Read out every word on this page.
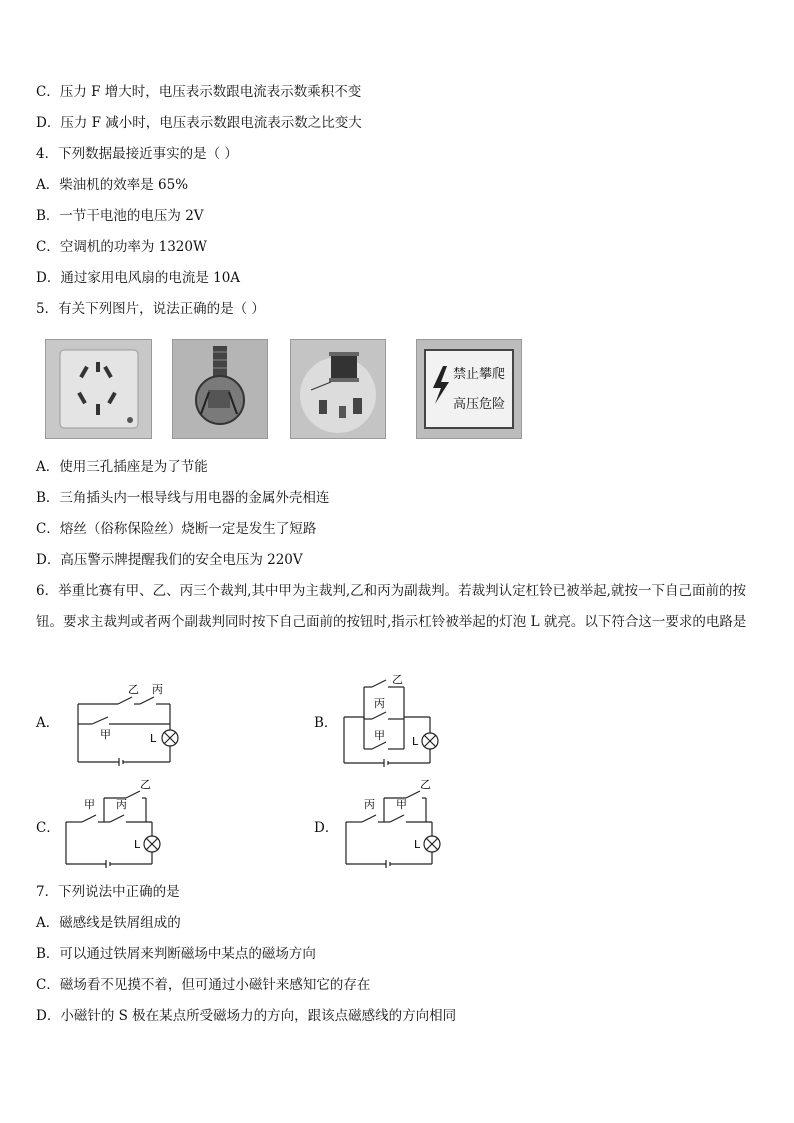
C．压力 F 增大时，电压表示数跟电流表示数乘积不变
D．压力 F 减小时，电压表示数跟电流表示数之比变大
4．下列数据最接近事实的是（ ）
A．柴油机的效率是 65%
B．一节干电池的电压为 2V
C．空调机的功率为 1320W
D．通过家用电风扇的电流是 10A
5．有关下列图片，说法正确的是（ ）
禁止攀爬
高压危险
A．使用三孔插座是为了节能
B．三角插头内一根导线与用电器的金属外壳相连
C．熔丝（俗称保险丝）烧断一定是发生了短路
D．高压警示牌提醒我们的安全电压为 220V
6．举重比赛有甲、乙、丙三个裁判,其中甲为主裁判,乙和丙为副裁判。若裁判认定杠铃已被举起,就按一下自己面前的按钮。要求主裁判或者两个副裁判同时按下自己面前的按钮时,指示杠铃被举起的灯泡 L 就亮。以下符合这一要求的电路是
A．
甲
乙 丙
L
B．
乙
丙
甲 L
C．
甲 丙
乙
L
D．
丙 甲
乙
L
7．下列说法中正确的是
A．磁感线是铁屑组成的
B．可以通过铁屑来判断磁场中某点的磁场方向
C．磁场看不见摸不着，但可通过小磁针来感知它的存在
D．小磁针的 S 极在某点所受磁场力的方向，跟该点磁感线的方向相同
